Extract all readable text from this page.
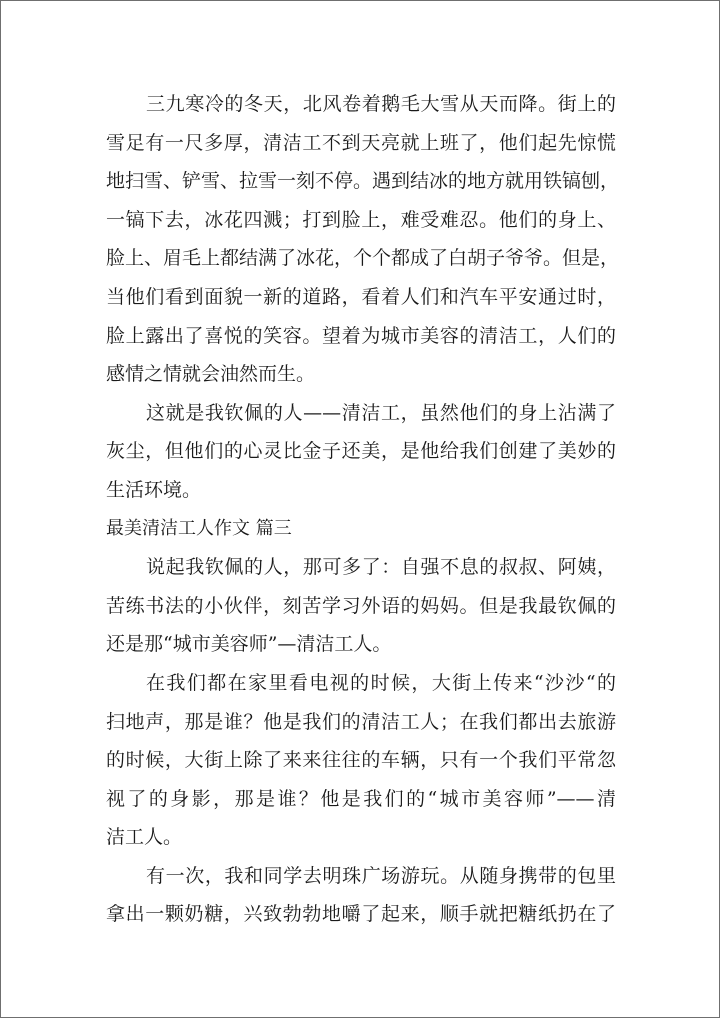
三九寒冷的冬天，北风卷着鹅毛大雪从天而降。街上的
雪足有一尺多厚，清洁工不到天亮就上班了，他们起先惊慌
地扫雪、铲雪、拉雪一刻不停。遇到结冰的地方就用铁镐刨，
一镐下去，冰花四溅；打到脸上，难受难忍。他们的身上、
脸上、眉毛上都结满了冰花，个个都成了白胡子爷爷。但是，
当他们看到面貌一新的道路，看着人们和汽车平安通过时，
脸上露出了喜悦的笑容。望着为城市美容的清洁工，人们的
感情之情就会油然而生。
这就是我钦佩的人——清洁工，虽然他们的身上沾满了
灰尘，但他们的心灵比金子还美，是他给我们创建了美妙的
生活环境。
最美清洁工人作文 篇三
说起我钦佩的人，那可多了：自强不息的叔叔、阿姨，
苦练书法的小伙伴，刻苦学习外语的妈妈。但是我最钦佩的
还是那“城市美容师”—清洁工人。
在我们都在家里看电视的时候，大街上传来“沙沙“的
扫地声，那是谁？他是我们的清洁工人；在我们都出去旅游
的时候，大街上除了来来往往的车辆，只有一个我们平常忽
视了的身影，那是谁？他是我们的“城市美容师”——清
洁工人。
有一次，我和同学去明珠广场游玩。从随身携带的包里
拿出一颗奶糖，兴致勃勃地嚼了起来，顺手就把糖纸扔在了
